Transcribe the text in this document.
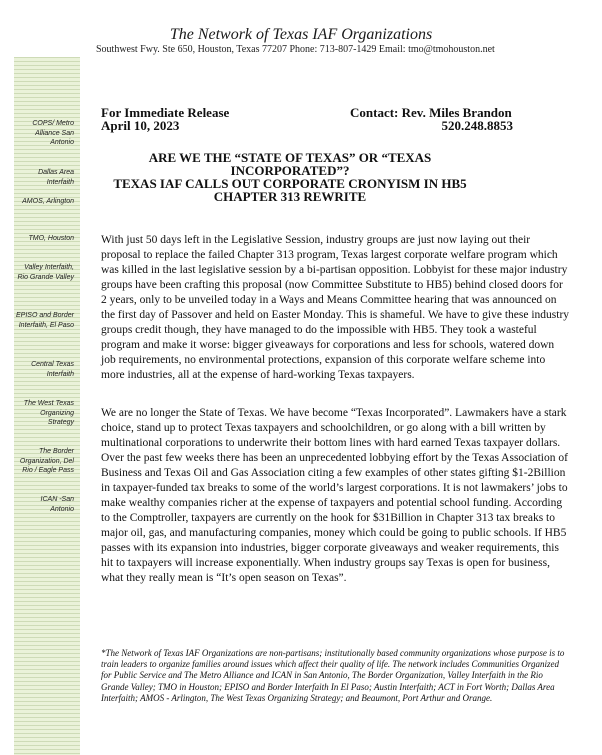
The Network of Texas IAF Organizations
Southwest Fwy. Ste 650, Houston, Texas 77207 Phone: 713-807-1429 Email: tmo@tmohouston.net
COPS/ Metro Alliance San Antonio
Dallas Area Interfaith
AMOS, Arlington
TMO, Houston
Valley Interfaith, Rio Grande Valley
EPISO and Border Interfaith, El Paso
Central Texas Interfaith
The West Texas Organizing Strategy
The Border Organization, Del Rio / Eagle Pass
ICAN -San Antonio
For Immediate Release
April 10, 2023
Contact: Rev. Miles Brandon
520.248.8853
ARE WE THE “STATE OF TEXAS” OR “TEXAS
INCORPORATED”?
TEXAS IAF CALLS OUT CORPORATE CRONYISM IN HB5
CHAPTER 313 REWRITE

With just 50 days left in the Legislative Session, industry groups are just now laying out their proposal to replace the failed Chapter 313 program, Texas largest corporate welfare program which was killed in the last legislative session by a bi-partisan opposition. Lobbyist for these major industry groups have been crafting this proposal (now Committee Substitute to HB5) behind closed doors for 2 years, only to be unveiled today in a Ways and Means Committee hearing that was announced on the first day of Passover and held on Easter Monday. This is shameful. We have to give these industry groups credit though, they have managed to do the impossible with HB5. They took a wasteful program and make it worse: bigger giveaways for corporations and less for schools, watered down job requirements, no environmental protections, expansion of this corporate welfare scheme into more industries, all at the expense of hard-working Texas taxpayers.

We are no longer the State of Texas. We have become “Texas Incorporated”. Lawmakers have a stark choice, stand up to protect Texas taxpayers and schoolchildren, or go along with a bill written by multinational corporations to underwrite their bottom lines with hard earned Texas taxpayer dollars. Over the past few weeks there has been an unprecedented lobbying effort by the Texas Association of Business and Texas Oil and Gas Association citing a few examples of other states gifting $1-2Billion in taxpayer-funded tax breaks to some of the world’s largest corporations. It is not lawmakers’ jobs to make wealthy companies richer at the expense of taxpayers and potential school funding. According to the Comptroller, taxpayers are currently on the hook for $31Billion in Chapter 313 tax breaks to major oil, gas, and manufacturing companies, money which could be going to public schools. If HB5 passes with its expansion into industries, bigger corporate giveaways and weaker requirements, this hit to taxpayers will increase exponentially. When industry groups say Texas is open for business, what they really mean is “It’s open season on Texas”.

*The Network of Texas IAF Organizations are non-partisans; institutionally based community organizations whose purpose is to train leaders to organize families around issues which affect their quality of life. The network includes Communities Organized for Public Service and The Metro Alliance and ICAN in San Antonio, The Border Organization, Valley Interfaith in the Rio Grande Valley; TMO in Houston; EPISO and Border Interfaith In El Paso; Austin Interfaith; ACT in Fort Worth; Dallas Area Interfaith; AMOS - Arlington, The West Texas Organizing Strategy; and Beaumont, Port Arthur and Orange.
